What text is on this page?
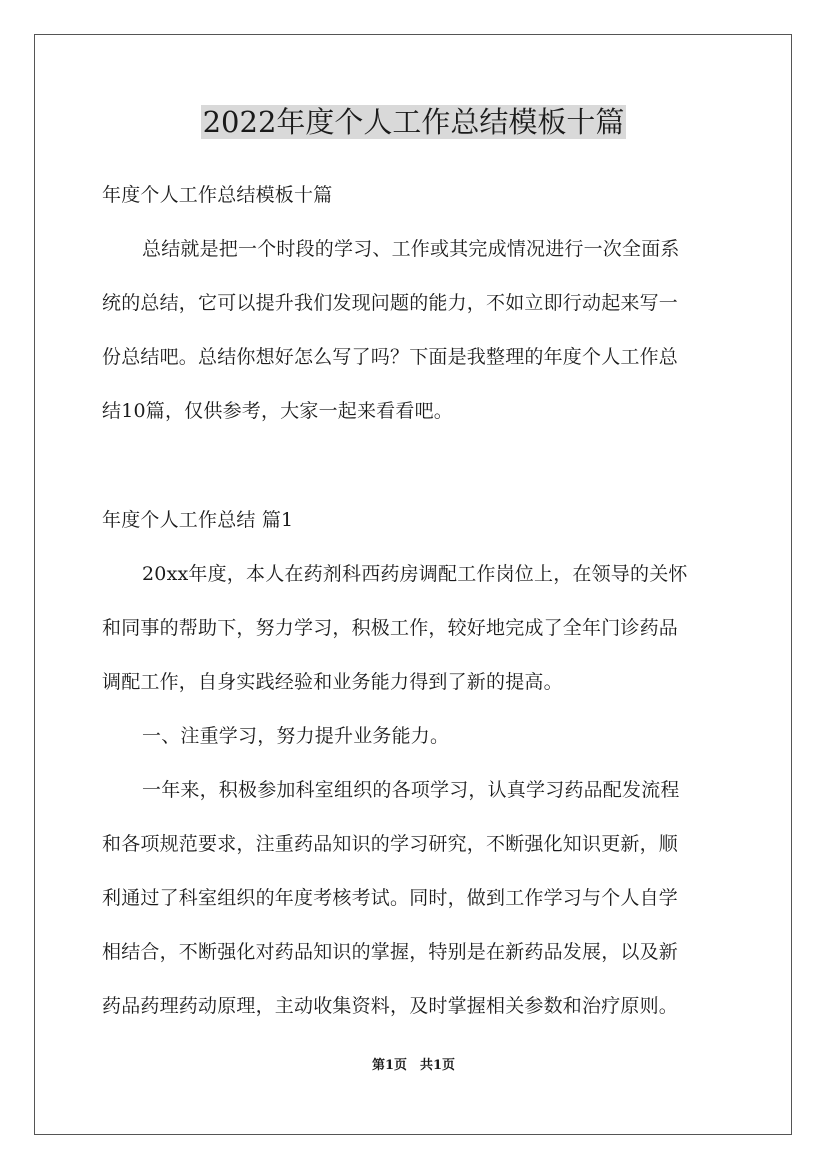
2022年度个人工作总结模板十篇
年度个人工作总结模板十篇
总结就是把一个时段的学习、工作或其完成情况进行一次全面系
统的总结，它可以提升我们发现问题的能力，不如立即行动起来写一
份总结吧。总结你想好怎么写了吗？下面是我整理的年度个人工作总
结10篇，仅供参考，大家一起来看看吧。
年度个人工作总结 篇1
20xx年度，本人在药剂科西药房调配工作岗位上，在领导的关怀
和同事的帮助下，努力学习，积极工作，较好地完成了全年门诊药品
调配工作，自身实践经验和业务能力得到了新的提高。
一、注重学习，努力提升业务能力。
一年来，积极参加科室组织的各项学习，认真学习药品配发流程
和各项规范要求，注重药品知识的学习研究，不断强化知识更新，顺
利通过了科室组织的年度考核考试。同时，做到工作学习与个人自学
相结合，不断强化对药品知识的掌握，特别是在新药品发展，以及新
药品药理药动原理，主动收集资料，及时掌握相关参数和治疗原则。
第1页　共1页
